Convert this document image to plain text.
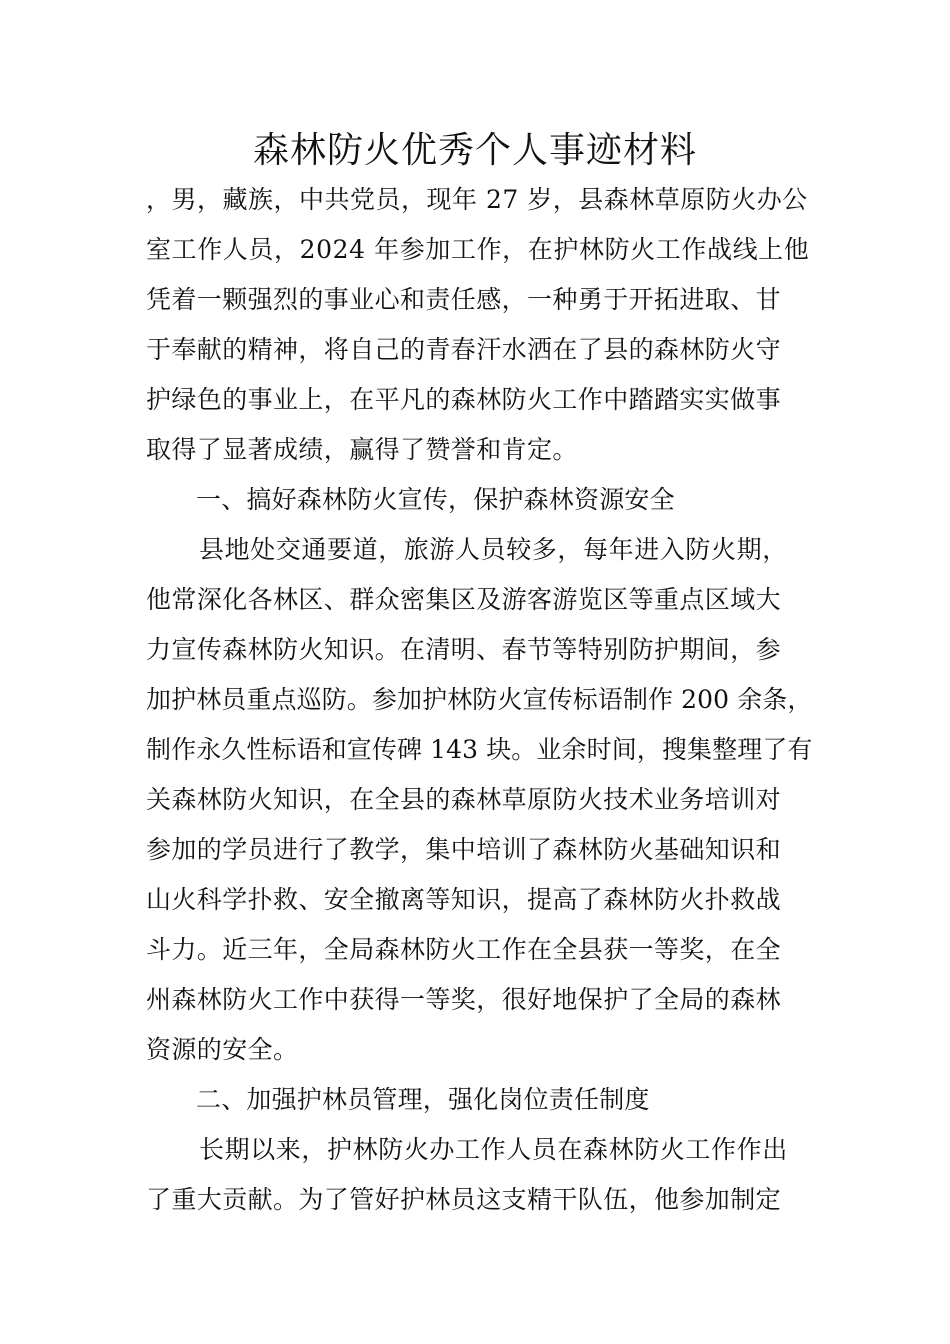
森林防火优秀个人事迹材料

，男，藏族，中共党员，现年 27 岁，县森林草原防火办公

室工作人员，2024 年参加工作，在护林防火工作战线上他

凭着一颗强烈的事业心和责任感，一种勇于开拓进取、甘

于奉献的精神，将自己的青春汗水洒在了县的森林防火守

护绿色的事业上，在平凡的森林防火工作中踏踏实实做事

取得了显著成绩，赢得了赞誉和肯定。

一、搞好森林防火宣传，保护森林资源安全

县地处交通要道，旅游人员较多，每年进入防火期，

他常深化各林区、群众密集区及游客游览区等重点区域大

力宣传森林防火知识。在清明、春节等特别防护期间，参

加护林员重点巡防。参加护林防火宣传标语制作 200 余条，

制作永久性标语和宣传碑 143 块。业余时间，搜集整理了有

关森林防火知识，在全县的森林草原防火技术业务培训对

参加的学员进行了教学，集中培训了森林防火基础知识和

山火科学扑救、安全撤离等知识，提高了森林防火扑救战

斗力。近三年，全局森林防火工作在全县获一等奖，在全

州森林防火工作中获得一等奖，很好地保护了全局的森林

资源的安全。

二、加强护林员管理，强化岗位责任制度

长期以来，护林防火办工作人员在森林防火工作作出

了重大贡献。为了管好护林员这支精干队伍，他参加制定
